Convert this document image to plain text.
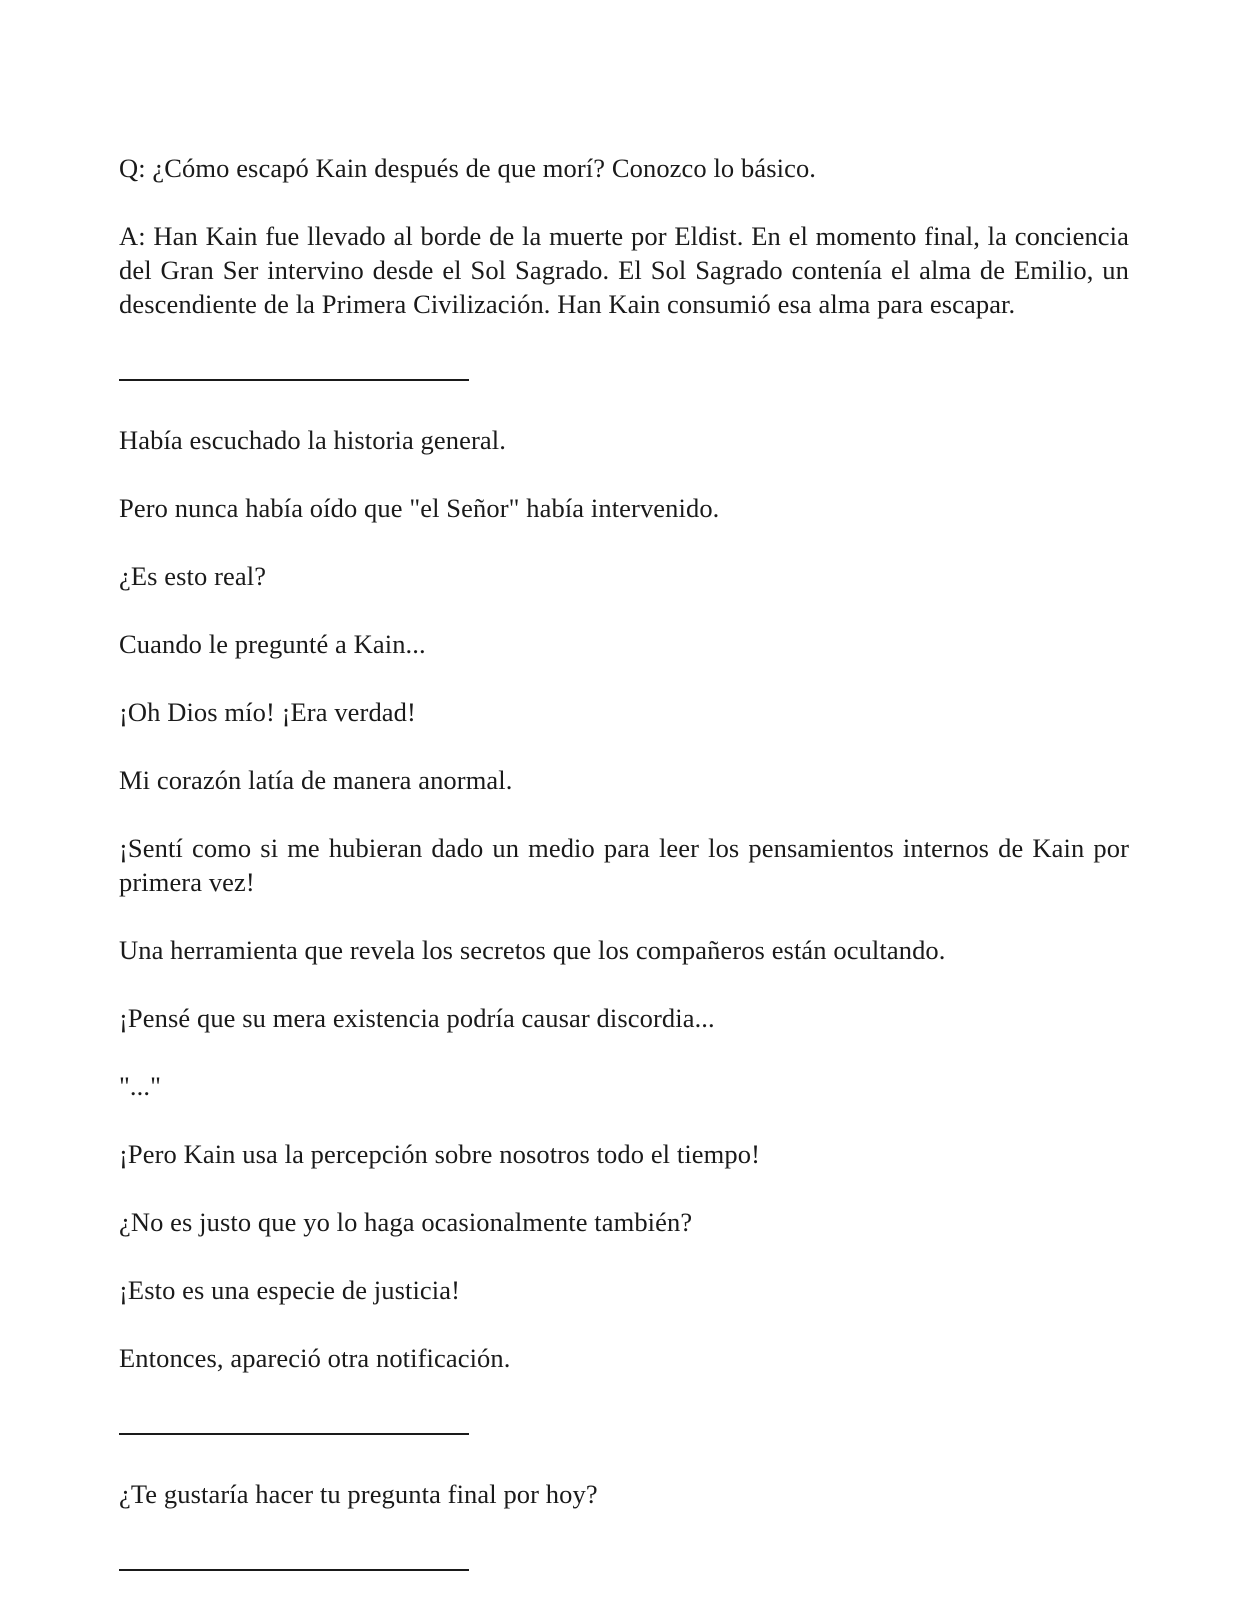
Q: ¿Cómo escapó Kain después de que morí? Conozco lo básico.

A: Han Kain fue llevado al borde de la muerte por Eldist. En el momento final, la conciencia del Gran Ser intervino desde el Sol Sagrado. El Sol Sagrado contenía el alma de Emilio, un descendiente de la Primera Civilización. Han Kain consumió esa alma para escapar.

Había escuchado la historia general.

Pero nunca había oído que "el Señor" había intervenido.

¿Es esto real?

Cuando le pregunté a Kain...

¡Oh Dios mío! ¡Era verdad!

Mi corazón latía de manera anormal.

¡Sentí como si me hubieran dado un medio para leer los pensamientos internos de Kain por primera vez!

Una herramienta que revela los secretos que los compañeros están ocultando.

¡Pensé que su mera existencia podría causar discordia...

"..."

¡Pero Kain usa la percepción sobre nosotros todo el tiempo!

¿No es justo que yo lo haga ocasionalmente también?

¡Esto es una especie de justicia!

Entonces, apareció otra notificación.

¿Te gustaría hacer tu pregunta final por hoy?
